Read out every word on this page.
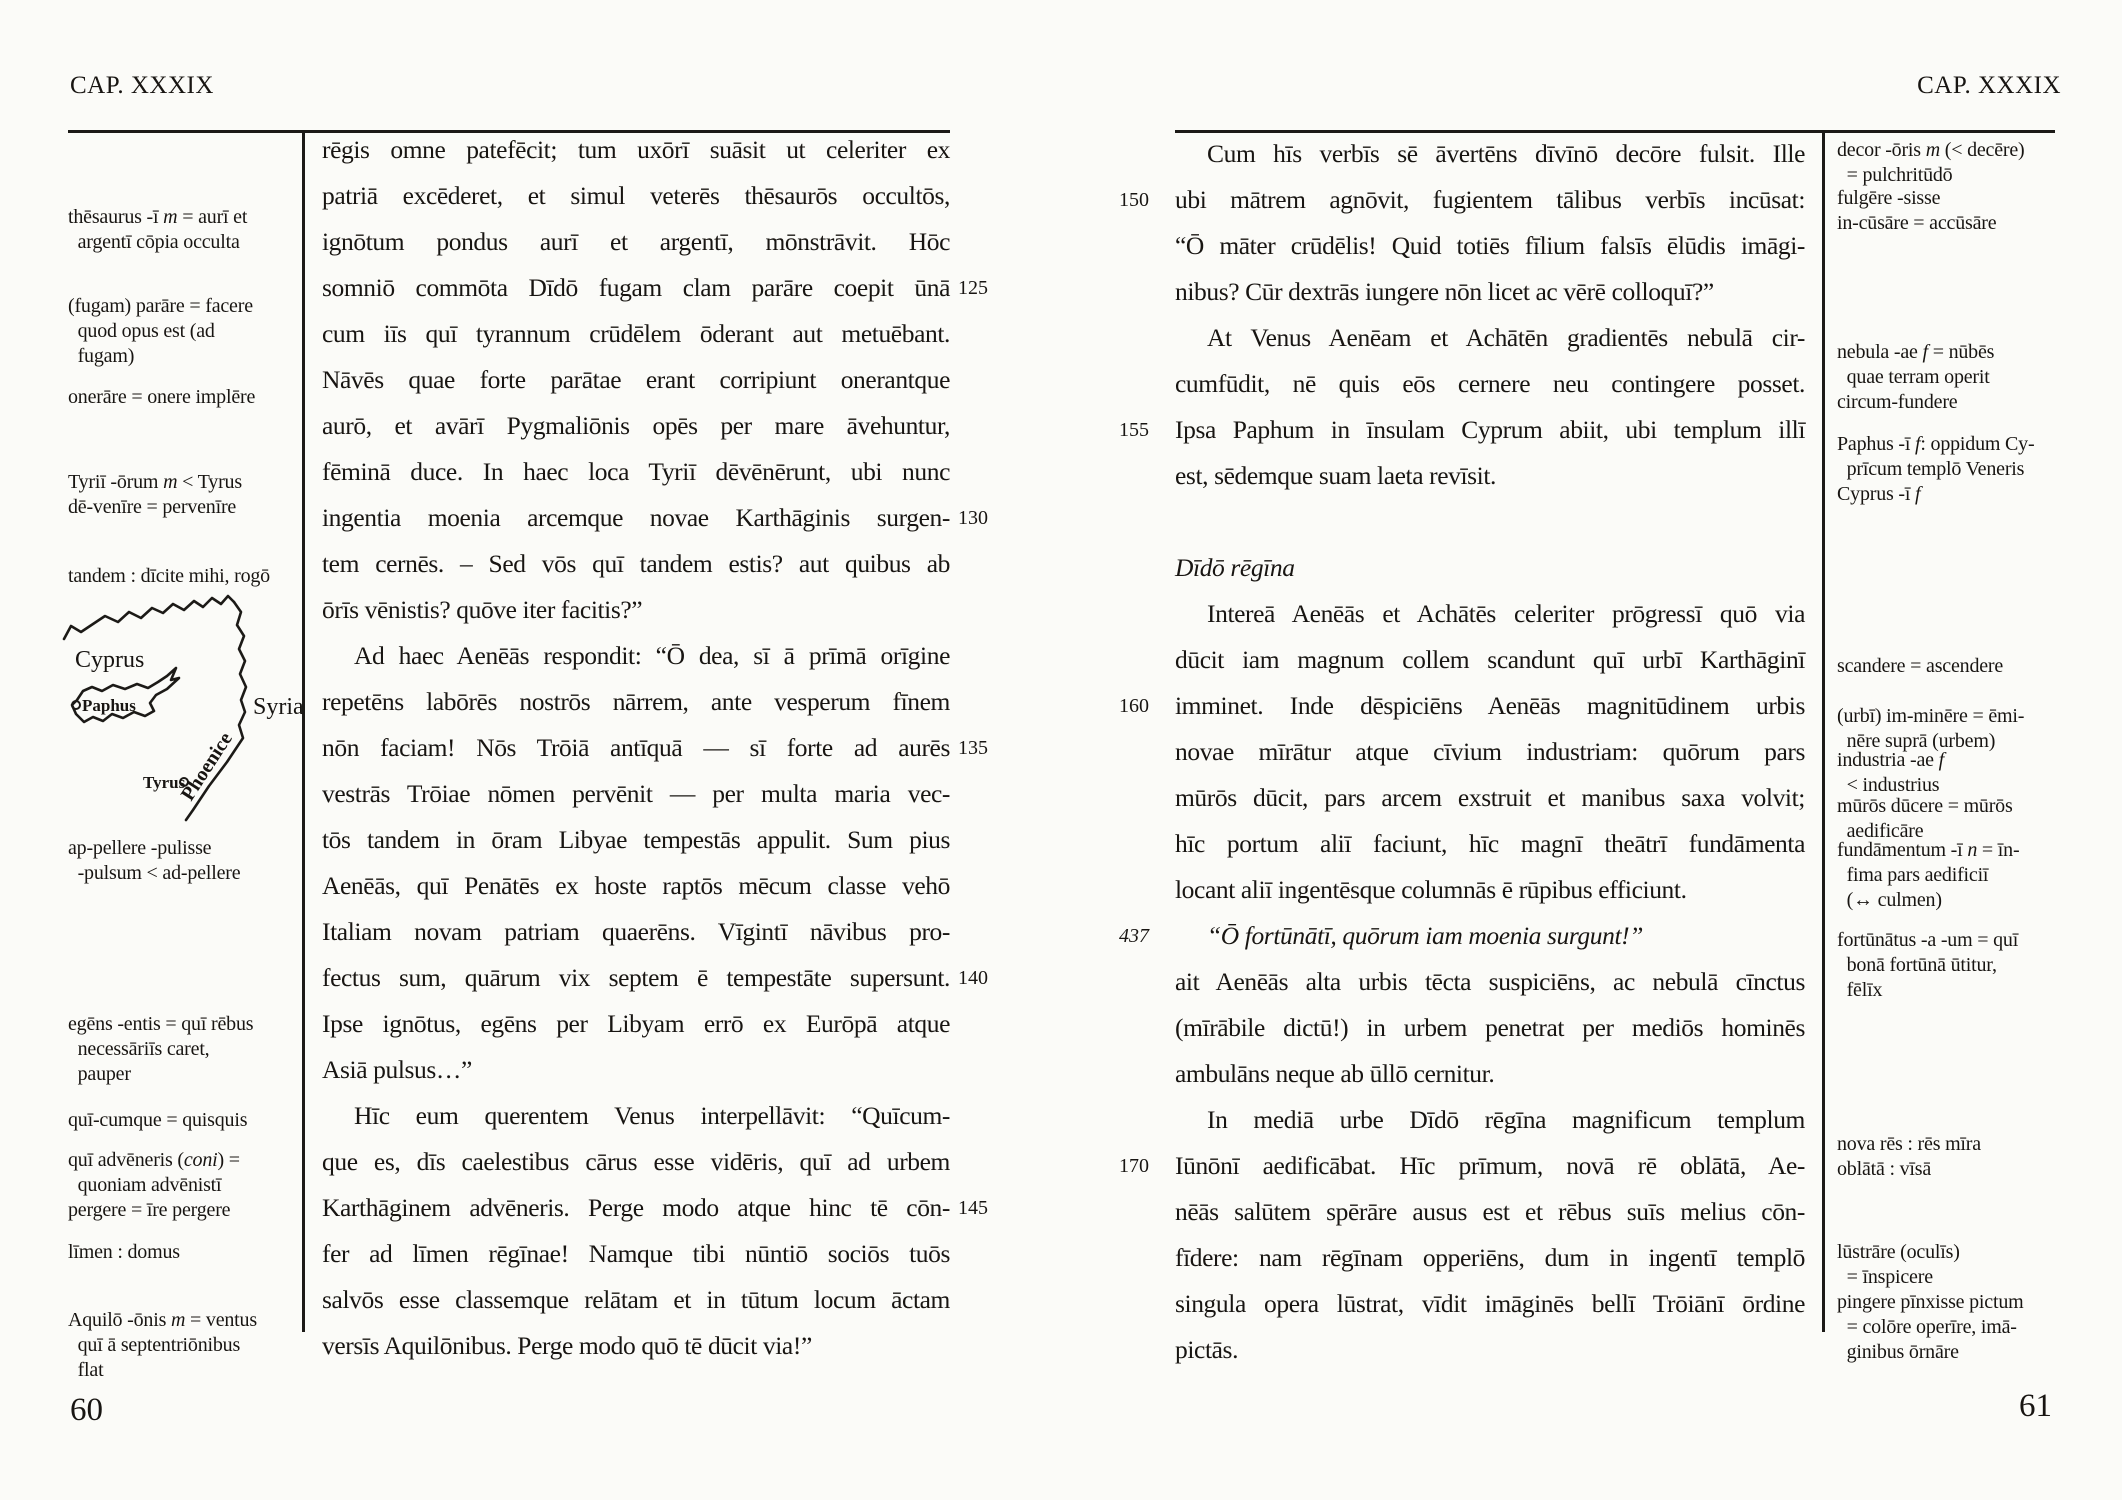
CAP. XXXIX
thēsaurus -ī m = aurī et
argentī cōpia occulta
(fugam) parāre = facere
quod opus est (ad
fugam)
onerāre = onere implēre
Tyriī -ōrum m < Tyrus
dē-venīre = pervenīre
tandem : dīcite mihi, rogō
ap-pellere -pulisse
-pulsum < ad-pellere
egēns -entis = quī rēbus
necessāriīs caret,
pauper
quī-cumque = quisquis
quī advēneris (coni) =
quoniam advēnistī
pergere = īre pergere
līmen : domus
Aquilō -ōnis m = ventus
quī ā septentriōnibus
flat
Cyprus
Paphus	Syria
Phoenice
Tyrus
rēgis omne patefēcit; tum uxōrī suāsit ut celeriter ex
patriā excēderet, et simul veterēs thēsaurōs occultōs,
ignōtum pondus aurī et argentī, mōnstrāvit. Hōc
somniō commōta Dīdō fugam clam parāre coepit ūnā 125
cum iīs quī tyrannum crūdēlem ōderant aut metuēbant.
Nāvēs quae forte parātae erant corripiunt onerantque
aurō, et avārī Pygmaliōnis opēs per mare āvehuntur,
fēminā duce. In haec loca Tyriī dēvēnērunt, ubi nunc
ingentia moenia arcemque novae Karthāginis surgen- 130
tem cernēs. – Sed vōs quī tandem estis? aut quibus ab
ōrīs vēnistis? quōve iter facitis?”
Ad haec Aenēās respondit: “Ō dea, sī ā prīmā orīgine
repetēns labōrēs nostrōs nārrem, ante vesperum fīnem
nōn faciam! Nōs Trōiā antīquā — sī forte ad aurēs 135
vestrās Trōiae nōmen pervēnit — per multa maria vec-
tōs tandem in ōram Libyae tempestās appulit. Sum pius
Aenēās, quī Penātēs ex hoste raptōs mēcum classe vehō
Italiam novam patriam quaerēns. Vīgintī nāvibus pro-
fectus sum, quārum vix septem ē tempestāte supersunt. 140
Ipse ignōtus, egēns per Libyam errō ex Eurōpā atque
Asiā pulsus…”
Hīc eum querentem Venus interpellāvit: “Quīcum-
que es, dīs caelestibus cārus esse vidēris, quī ad urbem
Karthāginem advēneris. Perge modo atque hinc tē cōn- 145
fer ad līmen rēgīnae! Namque tibi nūntiō sociōs tuōs
salvōs esse classemque relātam et in tūtum locum āctam
versīs Aquilōnibus. Perge modo quō tē dūcit via!”
60
CAP. XXXIX
Cum hīs verbīs sē āvertēns dīvīnō decōre fulsit. Ille
ubi mātrem agnōvit, fugientem tālibus verbīs incūsat:
150
“Ō māter crūdēlis! Quid totiēs fīlium falsīs ēlūdis imāgi-
nibus? Cūr dextrās iungere nōn licet ac vērē colloquī?”
At Venus Aenēam et Achātēn gradientēs nebulā cir-
cumfūdit, nē quis eōs cernere neu contingere posset.
Ipsa Paphum in īnsulam Cyprum abiit, ubi templum illī
155
est, sēdemque suam laeta revīsit.
Dīdō rēgīna
Intereā Aenēās et Achātēs celeriter prōgressī quō via
dūcit iam magnum collem scandunt quī urbī Karthāginī
imminet. Inde dēspiciēns Aenēās magnitūdinem urbis
160
novae mīrātur atque cīvium industriam: quōrum pars
mūrōs dūcit, pars arcem exstruit et manibus saxa volvit;
hīc portum aliī faciunt, hīc magnī theātrī fundāmenta
locant aliī ingentēsque columnās ē rūpibus efficiunt.
“Ō fortūnātī, quōrum iam moenia surgunt!”
437
ait Aenēās alta urbis tēcta suspiciēns, ac nebulā cīnctus
(mīrābile dictū!) in urbem penetrat per mediōs hominēs
ambulāns neque ab ūllō cernitur.
In mediā urbe Dīdō rēgīna magnificum templum
Iūnōnī aedificābat. Hīc prīmum, novā rē oblātā, Ae-
170
nēās salūtem spērāre ausus est et rēbus suīs melius cōn-
fīdere: nam rēgīnam opperiēns, dum in ingentī templō
singula opera lūstrat, vīdit imāginēs bellī Trōiānī ōrdine
pictās.
decor -ōris m (< decēre)
= pulchritūdō
fulgēre -sisse
in-cūsāre = accūsāre
nebula -ae f = nūbēs
quae terram operit
circum-fundere
Paphus -ī f: oppidum Cy-
prīcum templō Veneris
Cyprus -ī f
scandere = ascendere
(urbī) im-minēre = ēmi-
nēre suprā (urbem)
industria -ae f
< industrius
mūrōs dūcere = mūrōs
aedificāre
fundāmentum -ī n = īn-
fima pars aedificiī
(↔ culmen)
fortūnātus -a -um = quī
bonā fortūnā ūtitur,
fēlīx
nova rēs : rēs mīra
oblātā : vīsā
lūstrāre (oculīs)
= īnspicere
pingere pīnxisse pictum
= colōre operīre, imā-
ginibus ōrnāre
61
